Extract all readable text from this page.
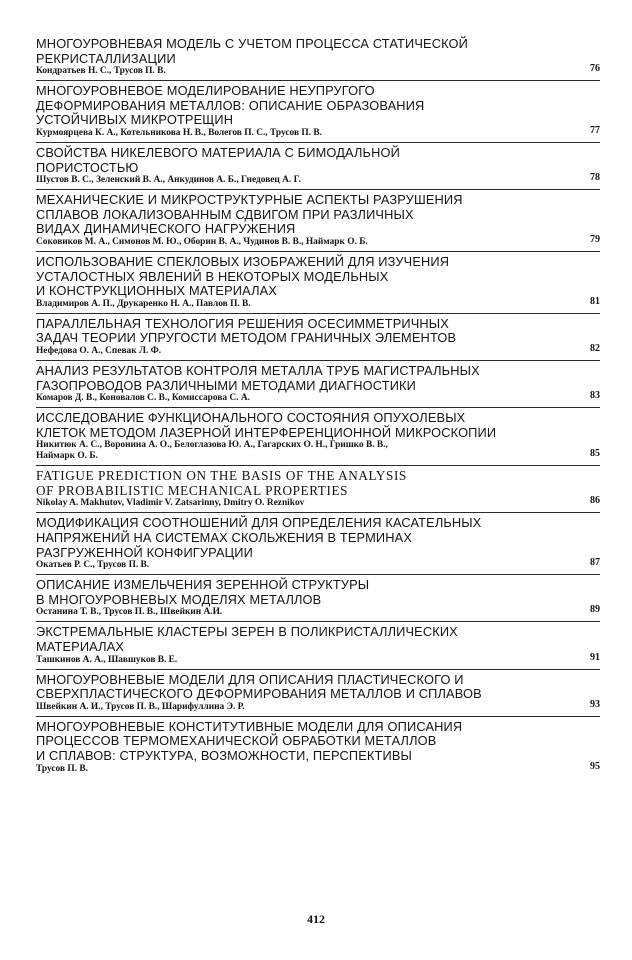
МНОГОУРОВНЕВАЯ МОДЕЛЬ С УЧЕТОМ ПРОЦЕССА СТАТИЧЕСКОЙ
РЕКРИСТАЛЛИЗАЦИИ

Кондратьев Н. С., Трусов П. В.	76

МНОГОУРОВНЕВОЕ МОДЕЛИРОВАНИЕ НЕУПРУГОГО
ДЕФОРМИРОВАНИЯ МЕТАЛЛОВ: ОПИСАНИЕ ОБРАЗОВАНИЯ
УСТОЙЧИВЫХ МИКРОТРЕЩИН

Курмоярцева К. А., Котельникова Н. В., Волегов П. С., Трусов П. В.	77

СВОЙСТВА НИКЕЛЕВОГО МАТЕРИАЛА С БИМОДАЛЬНОЙ
ПОРИСТОСТЬЮ

Шустов В. С., Зеленский В. А., Анкудинов А. Б., Гнедовец А. Г.	78

МЕХАНИЧЕСКИЕ И МИКРОСТРУКТУРНЫЕ АСПЕКТЫ РАЗРУШЕНИЯ
СПЛАВОВ ЛОКАЛИЗОВАННЫМ СДВИГОМ ПРИ РАЗЛИЧНЫХ
ВИДАХ ДИНАМИЧЕСКОГО НАГРУЖЕНИЯ

Соковиков М. А., Симонов М. Ю., Оборин В. А., Чудинов В. В., Наймарк О. Б.	79

ИСПОЛЬЗОВАНИЕ СПЕКЛОВЫХ ИЗОБРАЖЕНИЙ ДЛЯ ИЗУЧЕНИЯ
УСТАЛОСТНЫХ ЯВЛЕНИЙ В НЕКОТОРЫХ МОДЕЛЬНЫХ
И КОНСТРУКЦИОННЫХ МАТЕРИАЛАХ

Владимиров А. П., Друкаренко Н. А., Павлов П. В.	81

ПАРАЛЛЕЛЬНАЯ ТЕХНОЛОГИЯ РЕШЕНИЯ ОСЕСИММЕТРИЧНЫХ
ЗАДАЧ ТЕОРИИ УПРУГОСТИ МЕТОДОМ ГРАНИЧНЫХ ЭЛЕМЕНТОВ

Нефедова О. А., Спевак Л. Ф.	82

АНАЛИЗ РЕЗУЛЬТАТОВ КОНТРОЛЯ МЕТАЛЛА ТРУБ МАГИСТРАЛЬНЫХ
ГАЗОПРОВОДОВ РАЗЛИЧНЫМИ МЕТОДАМИ ДИАГНОСТИКИ

Комаров Д. В., Коновалов С. В., Комиссарова С. А.	83

ИССЛЕДОВАНИЕ ФУНКЦИОНАЛЬНОГО СОСТОЯНИЯ ОПУХОЛЕВЫХ
КЛЕТОК МЕТОДОМ ЛАЗЕРНОЙ ИНТЕРФЕРЕНЦИОННОЙ МИКРОСКОПИИ

Никитюк А. С., Воронина А. О., Белоглазова Ю. А., Гагарских О. Н., Гришко В. В.,
Наймарк О. Б.	85

FATIGUE PREDICTION ON THE BASIS OF THE ANALYSIS
OF PROBABILISTIC MECHANICAL PROPERTIES

Nikolay A. Makhutov, Vladimir V. Zatsarinny, Dmitry O. Reznikov	86

МОДИФИКАЦИЯ СООТНОШЕНИЙ ДЛЯ ОПРЕДЕЛЕНИЯ КАСАТЕЛЬНЫХ
НАПРЯЖЕНИЙ НА СИСТЕМАХ СКОЛЬЖЕНИЯ В ТЕРМИНАХ
РАЗГРУЖЕННОЙ КОНФИГУРАЦИИ

Окатьев Р. С., Трусов П. В.	87

ОПИСАНИЕ ИЗМЕЛЬЧЕНИЯ ЗЕРЕННОЙ СТРУКТУРЫ
В МНОГОУРОВНЕВЫХ МОДЕЛЯХ МЕТАЛЛОВ

Останина Т. В., Трусов П. В., Швейкин А.И.	89

ЭКСТРЕМАЛЬНЫЕ КЛАСТЕРЫ ЗЕРЕН В ПОЛИКРИСТАЛЛИЧЕСКИХ
МАТЕРИАЛАХ

Ташкинов А. А., Шавшуков В. Е.	91

МНОГОУРОВНЕВЫЕ МОДЕЛИ ДЛЯ ОПИСАНИЯ ПЛАСТИЧЕСКОГО И
СВЕРХПЛАСТИЧЕСКОГО ДЕФОРМИРОВАНИЯ МЕТАЛЛОВ И СПЛАВОВ

Швейкин А. И., Трусов П. В., Шарифуллина Э. Р.	93

МНОГОУРОВНЕВЫЕ КОНСТИТУТИВНЫЕ МОДЕЛИ ДЛЯ ОПИСАНИЯ
ПРОЦЕССОВ ТЕРМОМЕХАНИЧЕСКОЙ ОБРАБОТКИ МЕТАЛЛОВ
И СПЛАВОВ: СТРУКТУРА, ВОЗМОЖНОСТИ, ПЕРСПЕКТИВЫ

Трусов П. В.	95
412
